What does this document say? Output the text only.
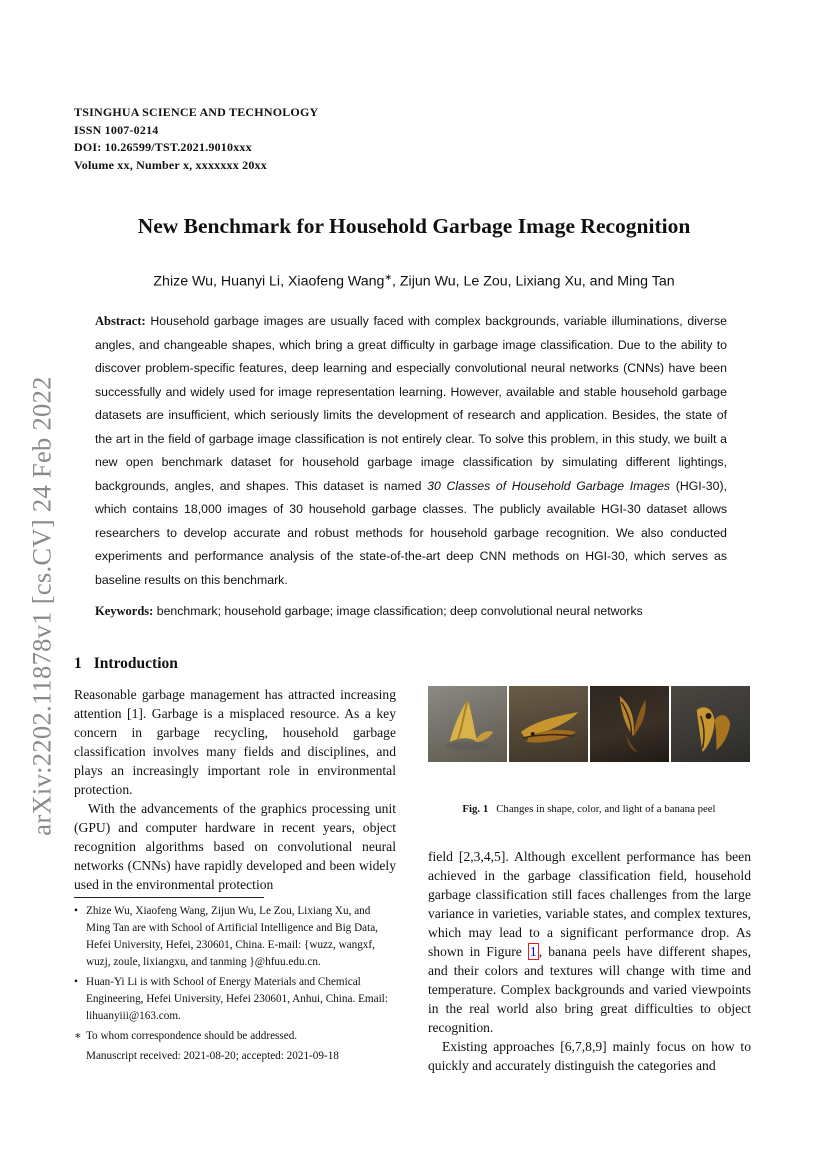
TSINGHUA SCIENCE AND TECHNOLOGY
ISSN 1007-0214
DOI: 10.26599/TST.2021.9010xxx
Volume xx, Number x, xxxxxxx 20xx
arXiv:2202.11878v1 [cs.CV] 24 Feb 2022
New Benchmark for Household Garbage Image Recognition
Zhize Wu, Huanyi Li, Xiaofeng Wang∗, Zijun Wu, Le Zou, Lixiang Xu, and Ming Tan
Abstract: Household garbage images are usually faced with complex backgrounds, variable illuminations, diverse angles, and changeable shapes, which bring a great difficulty in garbage image classification. Due to the ability to discover problem-specific features, deep learning and especially convolutional neural networks (CNNs) have been successfully and widely used for image representation learning. However, available and stable household garbage datasets are insufficient, which seriously limits the development of research and application. Besides, the state of the art in the field of garbage image classification is not entirely clear. To solve this problem, in this study, we built a new open benchmark dataset for household garbage image classification by simulating different lightings, backgrounds, angles, and shapes. This dataset is named 30 Classes of Household Garbage Images (HGI-30), which contains 18,000 images of 30 household garbage classes. The publicly available HGI-30 dataset allows researchers to develop accurate and robust methods for household garbage recognition. We also conducted experiments and performance analysis of the state-of-the-art deep CNN methods on HGI-30, which serves as baseline results on this benchmark.
Keywords: benchmark; household garbage; image classification; deep convolutional neural networks
1 Introduction

Reasonable garbage management has attracted increasing attention [1]. Garbage is a misplaced resource. As a key concern in garbage recycling, household garbage classification involves many fields and disciplines, and plays an increasingly important role in environmental protection.

With the advancements of the graphics processing unit (GPU) and computer hardware in recent years, object recognition algorithms based on convolutional neural networks (CNNs) have rapidly developed and been widely used in the environmental protection

Fig. 1 Changes in shape, color, and light of a banana peel

field [2,3,4,5]. Although excellent performance has been achieved in the garbage classification field, household garbage classification still faces challenges from the large variance in varieties, variable states, and complex textures, which may lead to a significant performance drop. As shown in Figure 1 , banana peels have different shapes, and their colors and textures will change with time and temperature. Complex backgrounds and varied viewpoints in the real world also bring great difficulties to object recognition.

Existing approaches [6,7,8,9] mainly focus on how to quickly and accurately distinguish the categories and

• Zhize Wu, Xiaofeng Wang, Zijun Wu, Le Zou, Lixiang Xu, and Ming Tan are with School of Artificial Intelligence and Big Data, Hefei University, Hefei, 230601, China. E-mail: {wuzz, wangxf, wuzj, zoule, lixiangxu, and tanming }@hfuu.edu.cn.
• Huan-Yi Li is with School of Energy Materials and Chemical Engineering, Hefei University, Hefei 230601, Anhui, China. Email: lihuanyiii@163.com.
∗ To whom correspondence should be addressed.
Manuscript received: 2021-08-20; accepted: 2021-09-18
